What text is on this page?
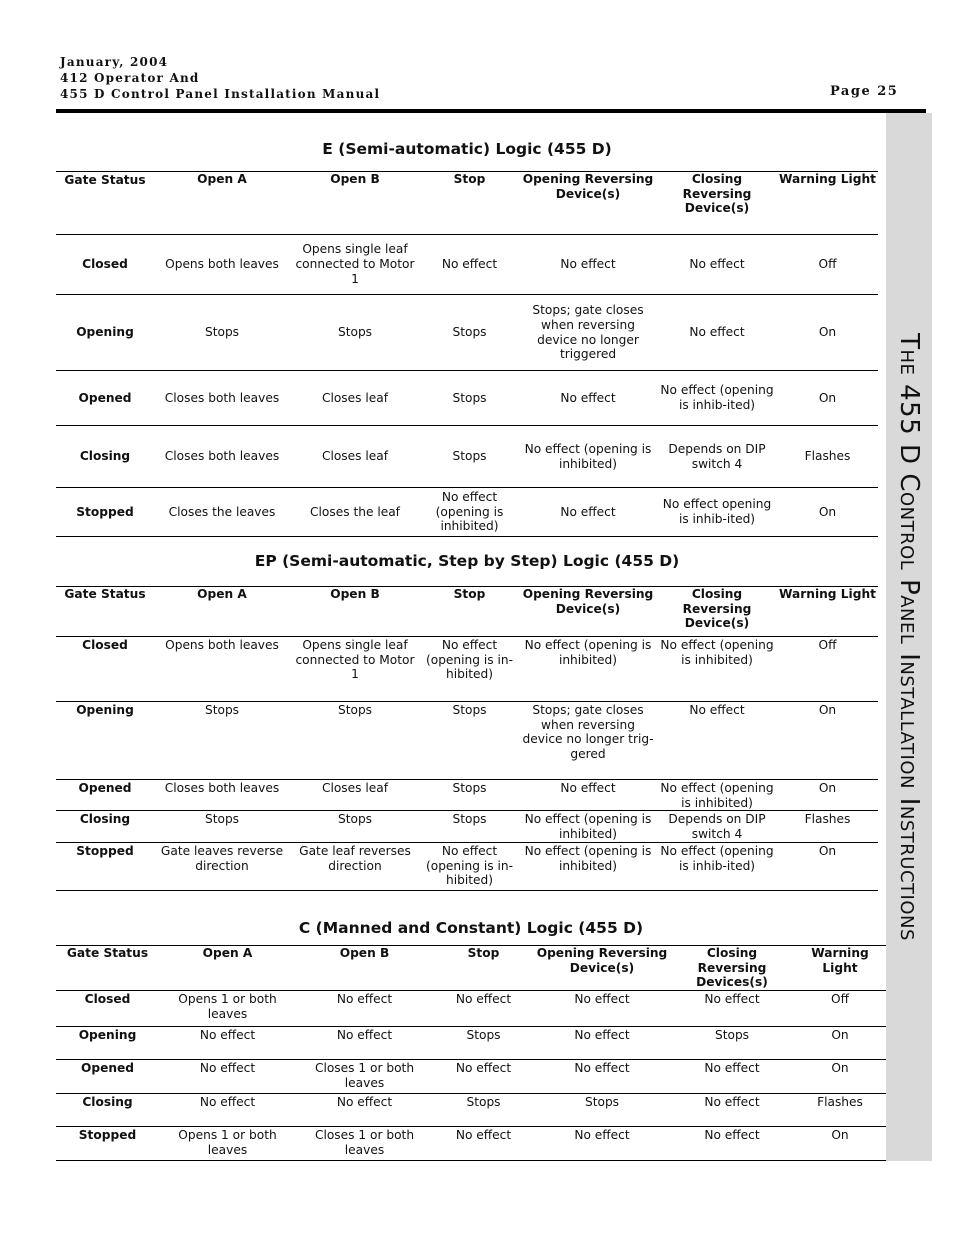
January, 2004
412 Operator And
455 D Control Panel Installation Manual	Page 25
The 455 D Control Panel Installation Instructions
E (Semi-automatic) Logic (455 D)
Gate Status	Open A	Open B	Stop	Opening Reversing Device(s)	Closing Reversing Device(s)	Warning Light
Closed	Opens both leaves	Opens single leaf connected to Motor 1	No effect	No effect	No effect	Off
Opening	Stops	Stops	Stops	Stops; gate closes when reversing device no longer triggered	No effect	On
Opened	Closes both leaves	Closes leaf	Stops	No effect	No effect (opening is inhib-ited)	On
Closing	Closes both leaves	Closes leaf	Stops	No effect (opening is inhibited)	Depends on DIP switch 4	Flashes
Stopped	Closes the leaves	Closes the leaf	No effect (opening is inhibited)	No effect	No effect opening is inhib-ited)	On
EP (Semi-automatic, Step by Step) Logic (455 D)
Gate Status	Open A	Open B	Stop	Opening Reversing Device(s)	Closing Reversing Device(s)	Warning Light
Closed	Opens both leaves	Opens single leaf connected to Motor 1	No effect (opening is in-hibited)	No effect (opening is inhibited)	No effect (opening is inhibited)	Off
Opening	Stops	Stops	Stops	Stops; gate closes when reversing device no longer trig-gered	No effect	On
Opened	Closes both leaves	Closes leaf	Stops	No effect	No effect (opening is inhibited)	On
Closing	Stops	Stops	Stops	No effect (opening is inhibited)	Depends on DIP switch 4	Flashes
Stopped	Gate leaves reverse direction	Gate leaf reverses direction	No effect (opening is in-hibited)	No effect (opening is inhibited)	No effect (opening is inhib-ited)	On
C (Manned and Constant) Logic (455 D)
Gate Status	Open A	Open B	Stop	Opening Reversing Device(s)	Closing Reversing Devices(s)	Warning Light
Closed	Opens 1 or both leaves	No effect	No effect	No effect	No effect	Off
Opening	No effect	No effect	Stops	No effect	Stops	On
Opened	No effect	Closes 1 or both leaves	No effect	No effect	No effect	On
Closing	No effect	No effect	Stops	Stops	No effect	Flashes
Stopped	Opens 1 or both leaves	Closes 1 or both leaves	No effect	No effect	No effect	On
